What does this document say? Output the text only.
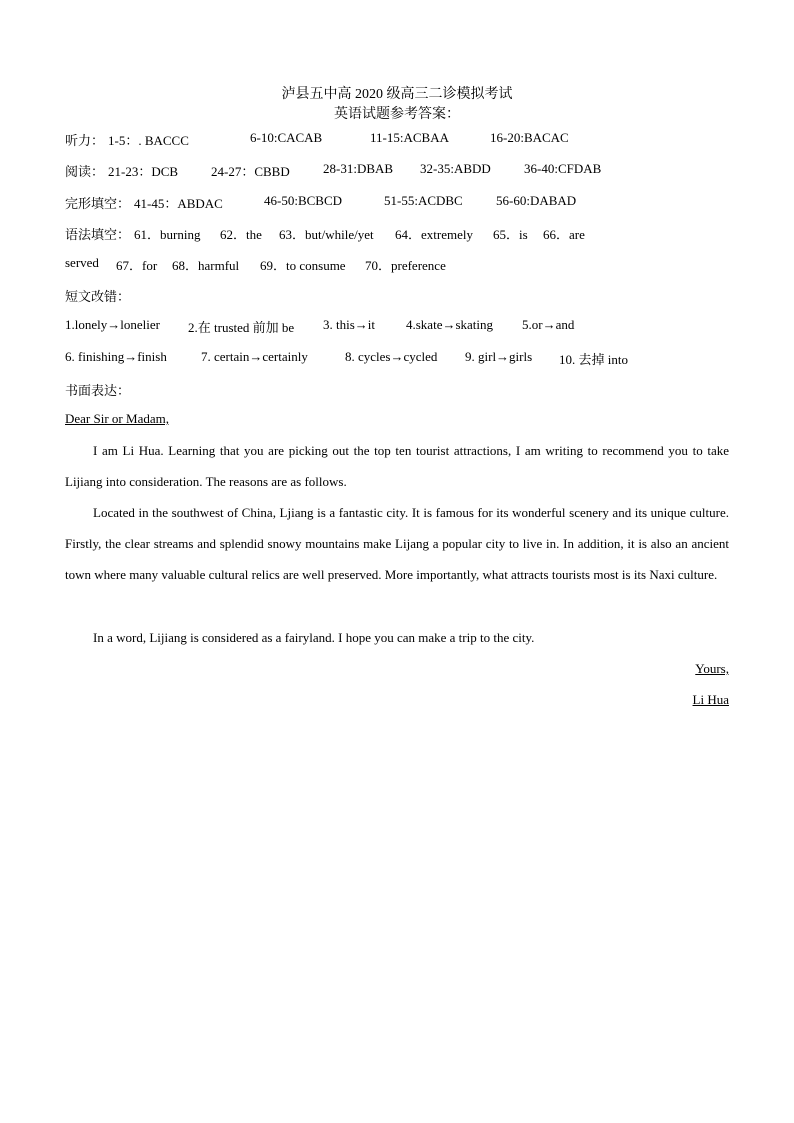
泸县五中高 2020 级高三二诊模拟考试
英语试题参考答案：
听力： 1-5：. BACCC	6-10:CACAB	11-15:ACBAA	16-20:BACAC
阅读： 21-23：DCB	24-27：CBBD	28-31:DBAB 32-35:ABDD	36-40:CFDAB
完形填空： 41-45：ABDAC	46-50:BCBCD	51-55:ACDBC	56-60:DABAD
语法填空： 61．burning 62．the 63．but/while/yet 64．extremely 65．is 66．are
served 67．for 68．harmful 69．to consume 70．preference
短文改错：
1.lonely→lonelier 2.在 trusted 前加 be 3. this→it 4.skate→skating 5.or→and
6. finishing→finish	7. certain→certainly	8. cycles→cycled 9. girl→girls 10. 去掉 into
书面表达：
Dear Sir or Madam,
I am Li Hua. Learning that you are picking out the top ten tourist attractions, I am writing to recommend you to take Lijiang into consideration. The reasons are as follows.
Located in the southwest of China, Ljiang is a fantastic city. It is famous for its wonderful scenery and its unique culture. Firstly, the clear streams and splendid snowy mountains make Lijang a popular city to live in. In addition, it is also an ancient town where many valuable cultural relics are well preserved. More importantly, what attracts tourists most is its Naxi culture.
In a word, Lijiang is considered as a fairyland. I hope you can make a trip to the city.
Yours,
Li Hua
